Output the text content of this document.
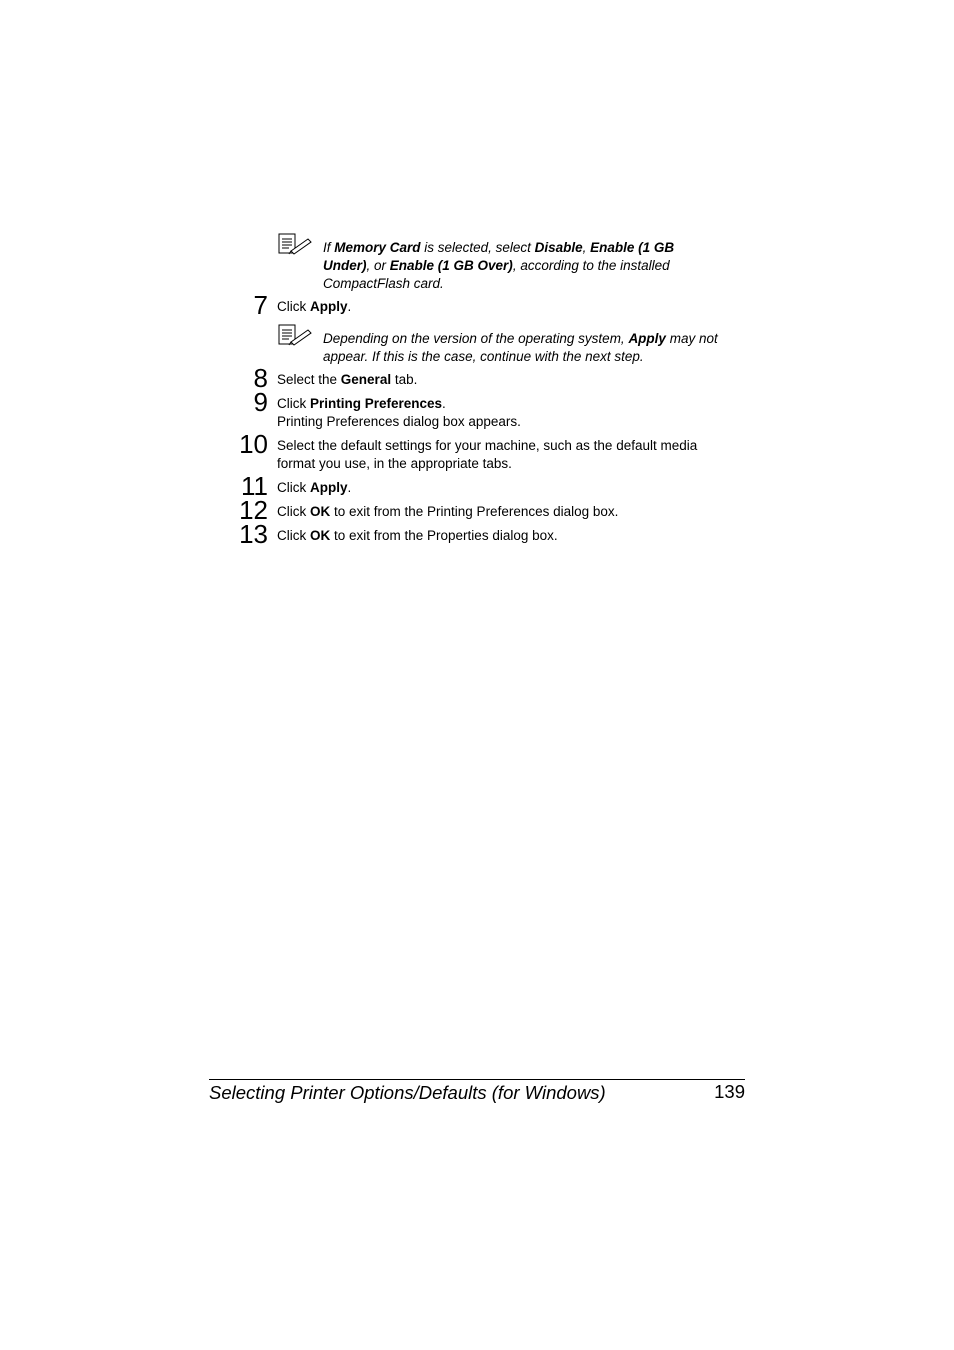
If Memory Card is selected, select Disable, Enable (1 GB
Under), or Enable (1 GB Over), according to the installed
CompactFlash card.
7 Click Apply.
Depending on the version of the operating system, Apply may not
appear. If this is the case, continue with the next step.
8 Select the General tab.
9 Click Printing Preferences.
Printing Preferences dialog box appears.
10 Select the default settings for your machine, such as the default media
format you use, in the appropriate tabs.
11 Click Apply.
12 Click OK to exit from the Printing Preferences dialog box.
13 Click OK to exit from the Properties dialog box.
Selecting Printer Options/Defaults (for Windows)	139
